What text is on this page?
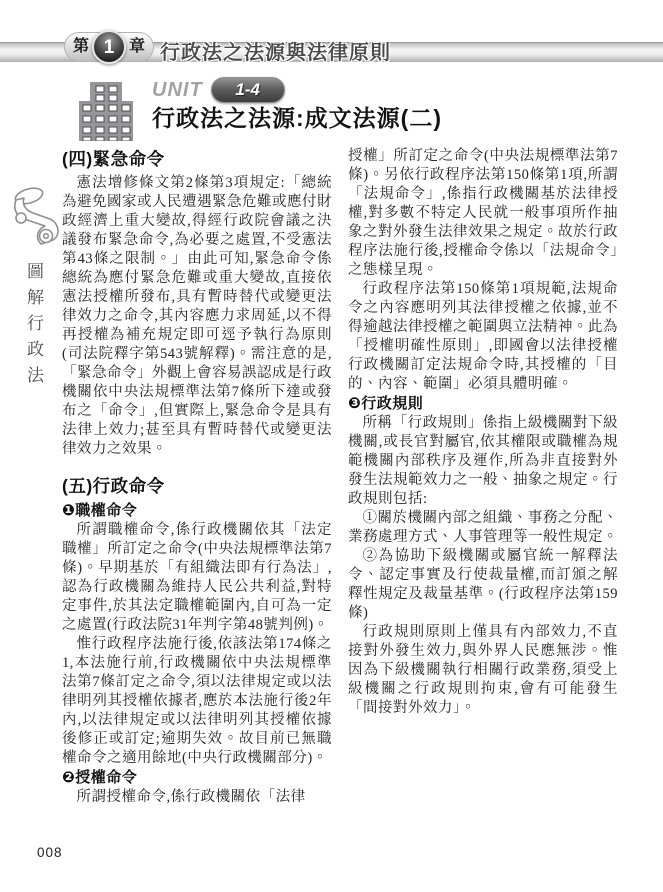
第 1 章 行政法之法源與法律原則
UNIT	1-4
行政法之法源:成文法源(二)
圖解行政法
(四)緊急命令
憲法增修條文第2條第3項規定:「總統為避免國家或人民遭遇緊急危難或應付財政經濟上重大變故,得經行政院會議之決議發布緊急命令,為必要之處置,不受憲法第43條之限制。」由此可知,緊急命令係總統為應付緊急危難或重大變故,直接依憲法授權所發布,具有暫時替代或變更法律效力之命令,其內容應力求周延,以不得再授權為補充規定即可逕予執行為原則(司法院釋字第543號解釋)。需注意的是,「緊急命令」外觀上會容易誤認成是行政機關依中央法規標準法第7條所下達或發布之「命令」,但實際上,緊急命令是具有法律上效力;甚至具有暫時替代或變更法律效力之效果。
(五)行政命令
❶職權命令
所謂職權命令,係行政機關依其「法定職權」所訂定之命令(中央法規標準法第7條)。早期基於「有組織法即有行為法」,認為行政機關為維持人民公共利益,對特定事件,於其法定職權範圍內,自可為一定之處置(行政法院31年判字第48號判例)。
惟行政程序法施行後,依該法第174條之1,本法施行前,行政機關依中央法規標準法第7條訂定之命令,須以法律規定或以法律明列其授權依據者,應於本法施行後2年內,以法律規定或以法律明列其授權依據後修正或訂定;逾期失效。故目前已無職權命令之適用餘地(中央行政機關部分)。
❷授權命令
所謂授權命令,係行政機關依「法律
授權」所訂定之命令(中央法規標準法第7條)。另依行政程序法第150條第1項,所謂「法規命令」,係指行政機關基於法律授權,對多數不特定人民就一般事項所作抽象之對外發生法律效果之規定。故於行政程序法施行後,授權命令係以「法規命令」之態樣呈現。
行政程序法第150條第1項規範,法規命令之內容應明列其法律授權之依據,並不得逾越法律授權之範圍與立法精神。此為「授權明確性原則」,即國會以法律授權行政機關訂定法規命令時,其授權的「目的、內容、範圍」必須具體明確。
❸行政規則
所稱「行政規則」係指上級機關對下級機關,或長官對屬官,依其權限或職權為規範機關內部秩序及運作,所為非直接對外發生法規範效力之一般、抽象之規定。行政規則包括:
①關於機關內部之組織、事務之分配、業務處理方式、人事管理等一般性規定。
②為協助下級機關或屬官統一解釋法令、認定事實及行使裁量權,而訂頒之解釋性規定及裁量基準。(行政程序法第159條)
行政規則原則上僅具有內部效力,不直接對外發生效力,與外界人民應無涉。惟因為下級機關執行相關行政業務,須受上級機關之行政規則拘束,會有可能發生「間接對外效力」。
008
